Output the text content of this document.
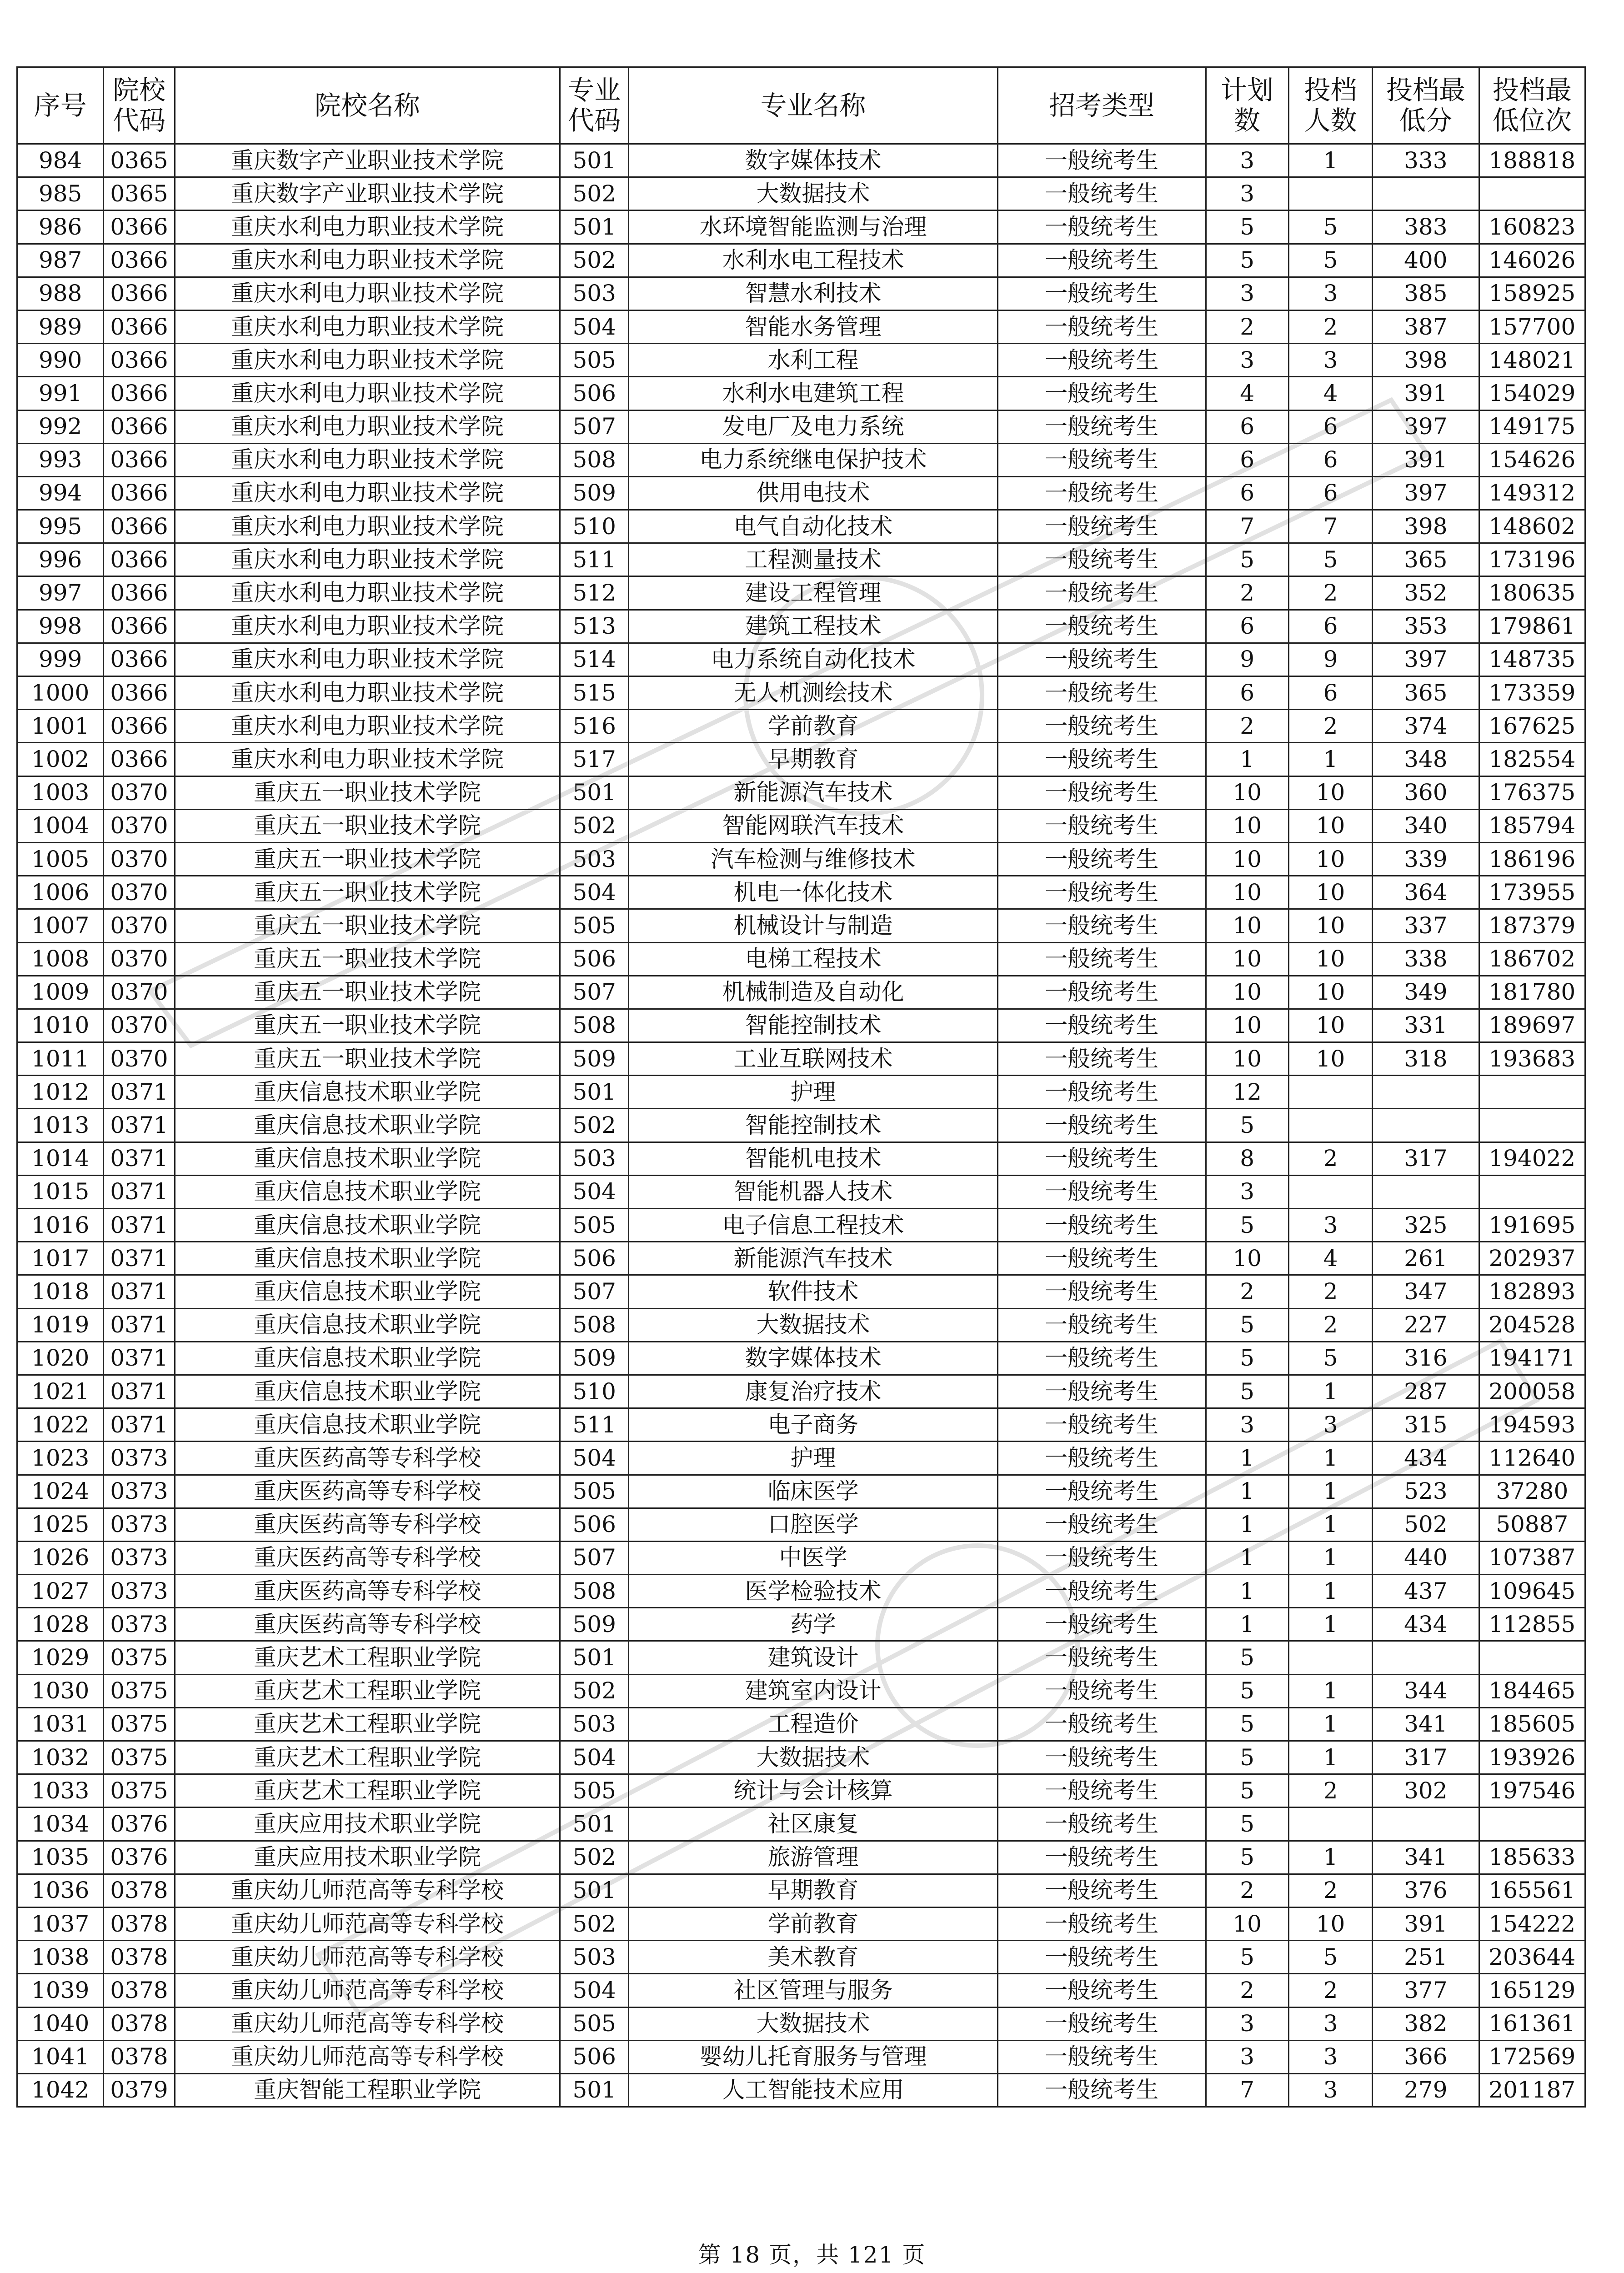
序号	院校代码	院校名称	专业代码	专业名称	招考类型	计划数	投档人数	投档最低分	投档最低位次
984	0365	重庆数字产业职业技术学院	501	数字媒体技术	一般统考生	3	1	333	188818
985	0365	重庆数字产业职业技术学院	502	大数据技术	一般统考生	3			
986	0366	重庆水利电力职业技术学院	501	水环境智能监测与治理	一般统考生	5	5	383	160823
987	0366	重庆水利电力职业技术学院	502	水利水电工程技术	一般统考生	5	5	400	146026
988	0366	重庆水利电力职业技术学院	503	智慧水利技术	一般统考生	3	3	385	158925
989	0366	重庆水利电力职业技术学院	504	智能水务管理	一般统考生	2	2	387	157700
990	0366	重庆水利电力职业技术学院	505	水利工程	一般统考生	3	3	398	148021
991	0366	重庆水利电力职业技术学院	506	水利水电建筑工程	一般统考生	4	4	391	154029
992	0366	重庆水利电力职业技术学院	507	发电厂及电力系统	一般统考生	6	6	397	149175
993	0366	重庆水利电力职业技术学院	508	电力系统继电保护技术	一般统考生	6	6	391	154626
994	0366	重庆水利电力职业技术学院	509	供用电技术	一般统考生	6	6	397	149312
995	0366	重庆水利电力职业技术学院	510	电气自动化技术	一般统考生	7	7	398	148602
996	0366	重庆水利电力职业技术学院	511	工程测量技术	一般统考生	5	5	365	173196
997	0366	重庆水利电力职业技术学院	512	建设工程管理	一般统考生	2	2	352	180635
998	0366	重庆水利电力职业技术学院	513	建筑工程技术	一般统考生	6	6	353	179861
999	0366	重庆水利电力职业技术学院	514	电力系统自动化技术	一般统考生	9	9	397	148735
1000	0366	重庆水利电力职业技术学院	515	无人机测绘技术	一般统考生	6	6	365	173359
1001	0366	重庆水利电力职业技术学院	516	学前教育	一般统考生	2	2	374	167625
1002	0366	重庆水利电力职业技术学院	517	早期教育	一般统考生	1	1	348	182554
1003	0370	重庆五一职业技术学院	501	新能源汽车技术	一般统考生	10	10	360	176375
1004	0370	重庆五一职业技术学院	502	智能网联汽车技术	一般统考生	10	10	340	185794
1005	0370	重庆五一职业技术学院	503	汽车检测与维修技术	一般统考生	10	10	339	186196
1006	0370	重庆五一职业技术学院	504	机电一体化技术	一般统考生	10	10	364	173955
1007	0370	重庆五一职业技术学院	505	机械设计与制造	一般统考生	10	10	337	187379
1008	0370	重庆五一职业技术学院	506	电梯工程技术	一般统考生	10	10	338	186702
1009	0370	重庆五一职业技术学院	507	机械制造及自动化	一般统考生	10	10	349	181780
1010	0370	重庆五一职业技术学院	508	智能控制技术	一般统考生	10	10	331	189697
1011	0370	重庆五一职业技术学院	509	工业互联网技术	一般统考生	10	10	318	193683
1012	0371	重庆信息技术职业学院	501	护理	一般统考生	12			
1013	0371	重庆信息技术职业学院	502	智能控制技术	一般统考生	5			
1014	0371	重庆信息技术职业学院	503	智能机电技术	一般统考生	8	2	317	194022
1015	0371	重庆信息技术职业学院	504	智能机器人技术	一般统考生	3			
1016	0371	重庆信息技术职业学院	505	电子信息工程技术	一般统考生	5	3	325	191695
1017	0371	重庆信息技术职业学院	506	新能源汽车技术	一般统考生	10	4	261	202937
1018	0371	重庆信息技术职业学院	507	软件技术	一般统考生	2	2	347	182893
1019	0371	重庆信息技术职业学院	508	大数据技术	一般统考生	5	2	227	204528
1020	0371	重庆信息技术职业学院	509	数字媒体技术	一般统考生	5	5	316	194171
1021	0371	重庆信息技术职业学院	510	康复治疗技术	一般统考生	5	1	287	200058
1022	0371	重庆信息技术职业学院	511	电子商务	一般统考生	3	3	315	194593
1023	0373	重庆医药高等专科学校	504	护理	一般统考生	1	1	434	112640
1024	0373	重庆医药高等专科学校	505	临床医学	一般统考生	1	1	523	37280
1025	0373	重庆医药高等专科学校	506	口腔医学	一般统考生	1	1	502	50887
1026	0373	重庆医药高等专科学校	507	中医学	一般统考生	1	1	440	107387
1027	0373	重庆医药高等专科学校	508	医学检验技术	一般统考生	1	1	437	109645
1028	0373	重庆医药高等专科学校	509	药学	一般统考生	1	1	434	112855
1029	0375	重庆艺术工程职业学院	501	建筑设计	一般统考生	5			
1030	0375	重庆艺术工程职业学院	502	建筑室内设计	一般统考生	5	1	344	184465
1031	0375	重庆艺术工程职业学院	503	工程造价	一般统考生	5	1	341	185605
1032	0375	重庆艺术工程职业学院	504	大数据技术	一般统考生	5	1	317	193926
1033	0375	重庆艺术工程职业学院	505	统计与会计核算	一般统考生	5	2	302	197546
1034	0376	重庆应用技术职业学院	501	社区康复	一般统考生	5			
1035	0376	重庆应用技术职业学院	502	旅游管理	一般统考生	5	1	341	185633
1036	0378	重庆幼儿师范高等专科学校	501	早期教育	一般统考生	2	2	376	165561
1037	0378	重庆幼儿师范高等专科学校	502	学前教育	一般统考生	10	10	391	154222
1038	0378	重庆幼儿师范高等专科学校	503	美术教育	一般统考生	5	5	251	203644
1039	0378	重庆幼儿师范高等专科学校	504	社区管理与服务	一般统考生	2	2	377	165129
1040	0378	重庆幼儿师范高等专科学校	505	大数据技术	一般统考生	3	3	382	161361
1041	0378	重庆幼儿师范高等专科学校	506	婴幼儿托育服务与管理	一般统考生	3	3	366	172569
1042	0379	重庆智能工程职业学院	501	人工智能技术应用	一般统考生	7	3	279	201187
第 18 页，共 121 页
